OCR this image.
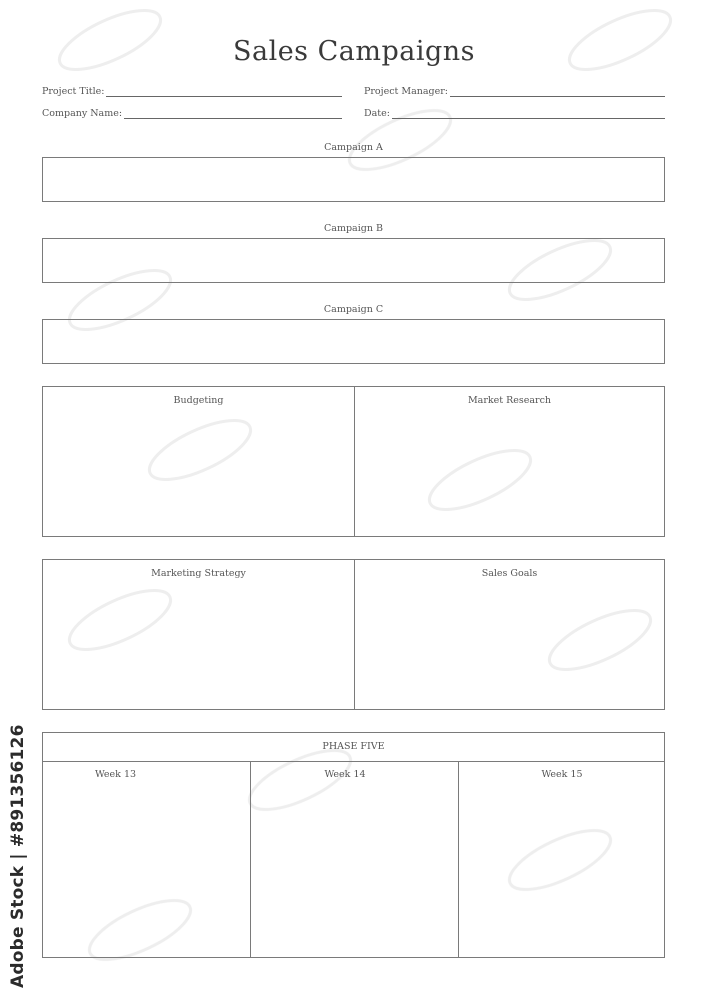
Sales Campaigns
Project Title:	Project Manager:
Company Name:	Date:
Campaign A
Campaign B
Campaign C
Budgeting	Market Research
Marketing Strategy	Sales Goals
PHASE FIVE
Week 13	Week 14	Week 15
Adobe Stock | #891356126
